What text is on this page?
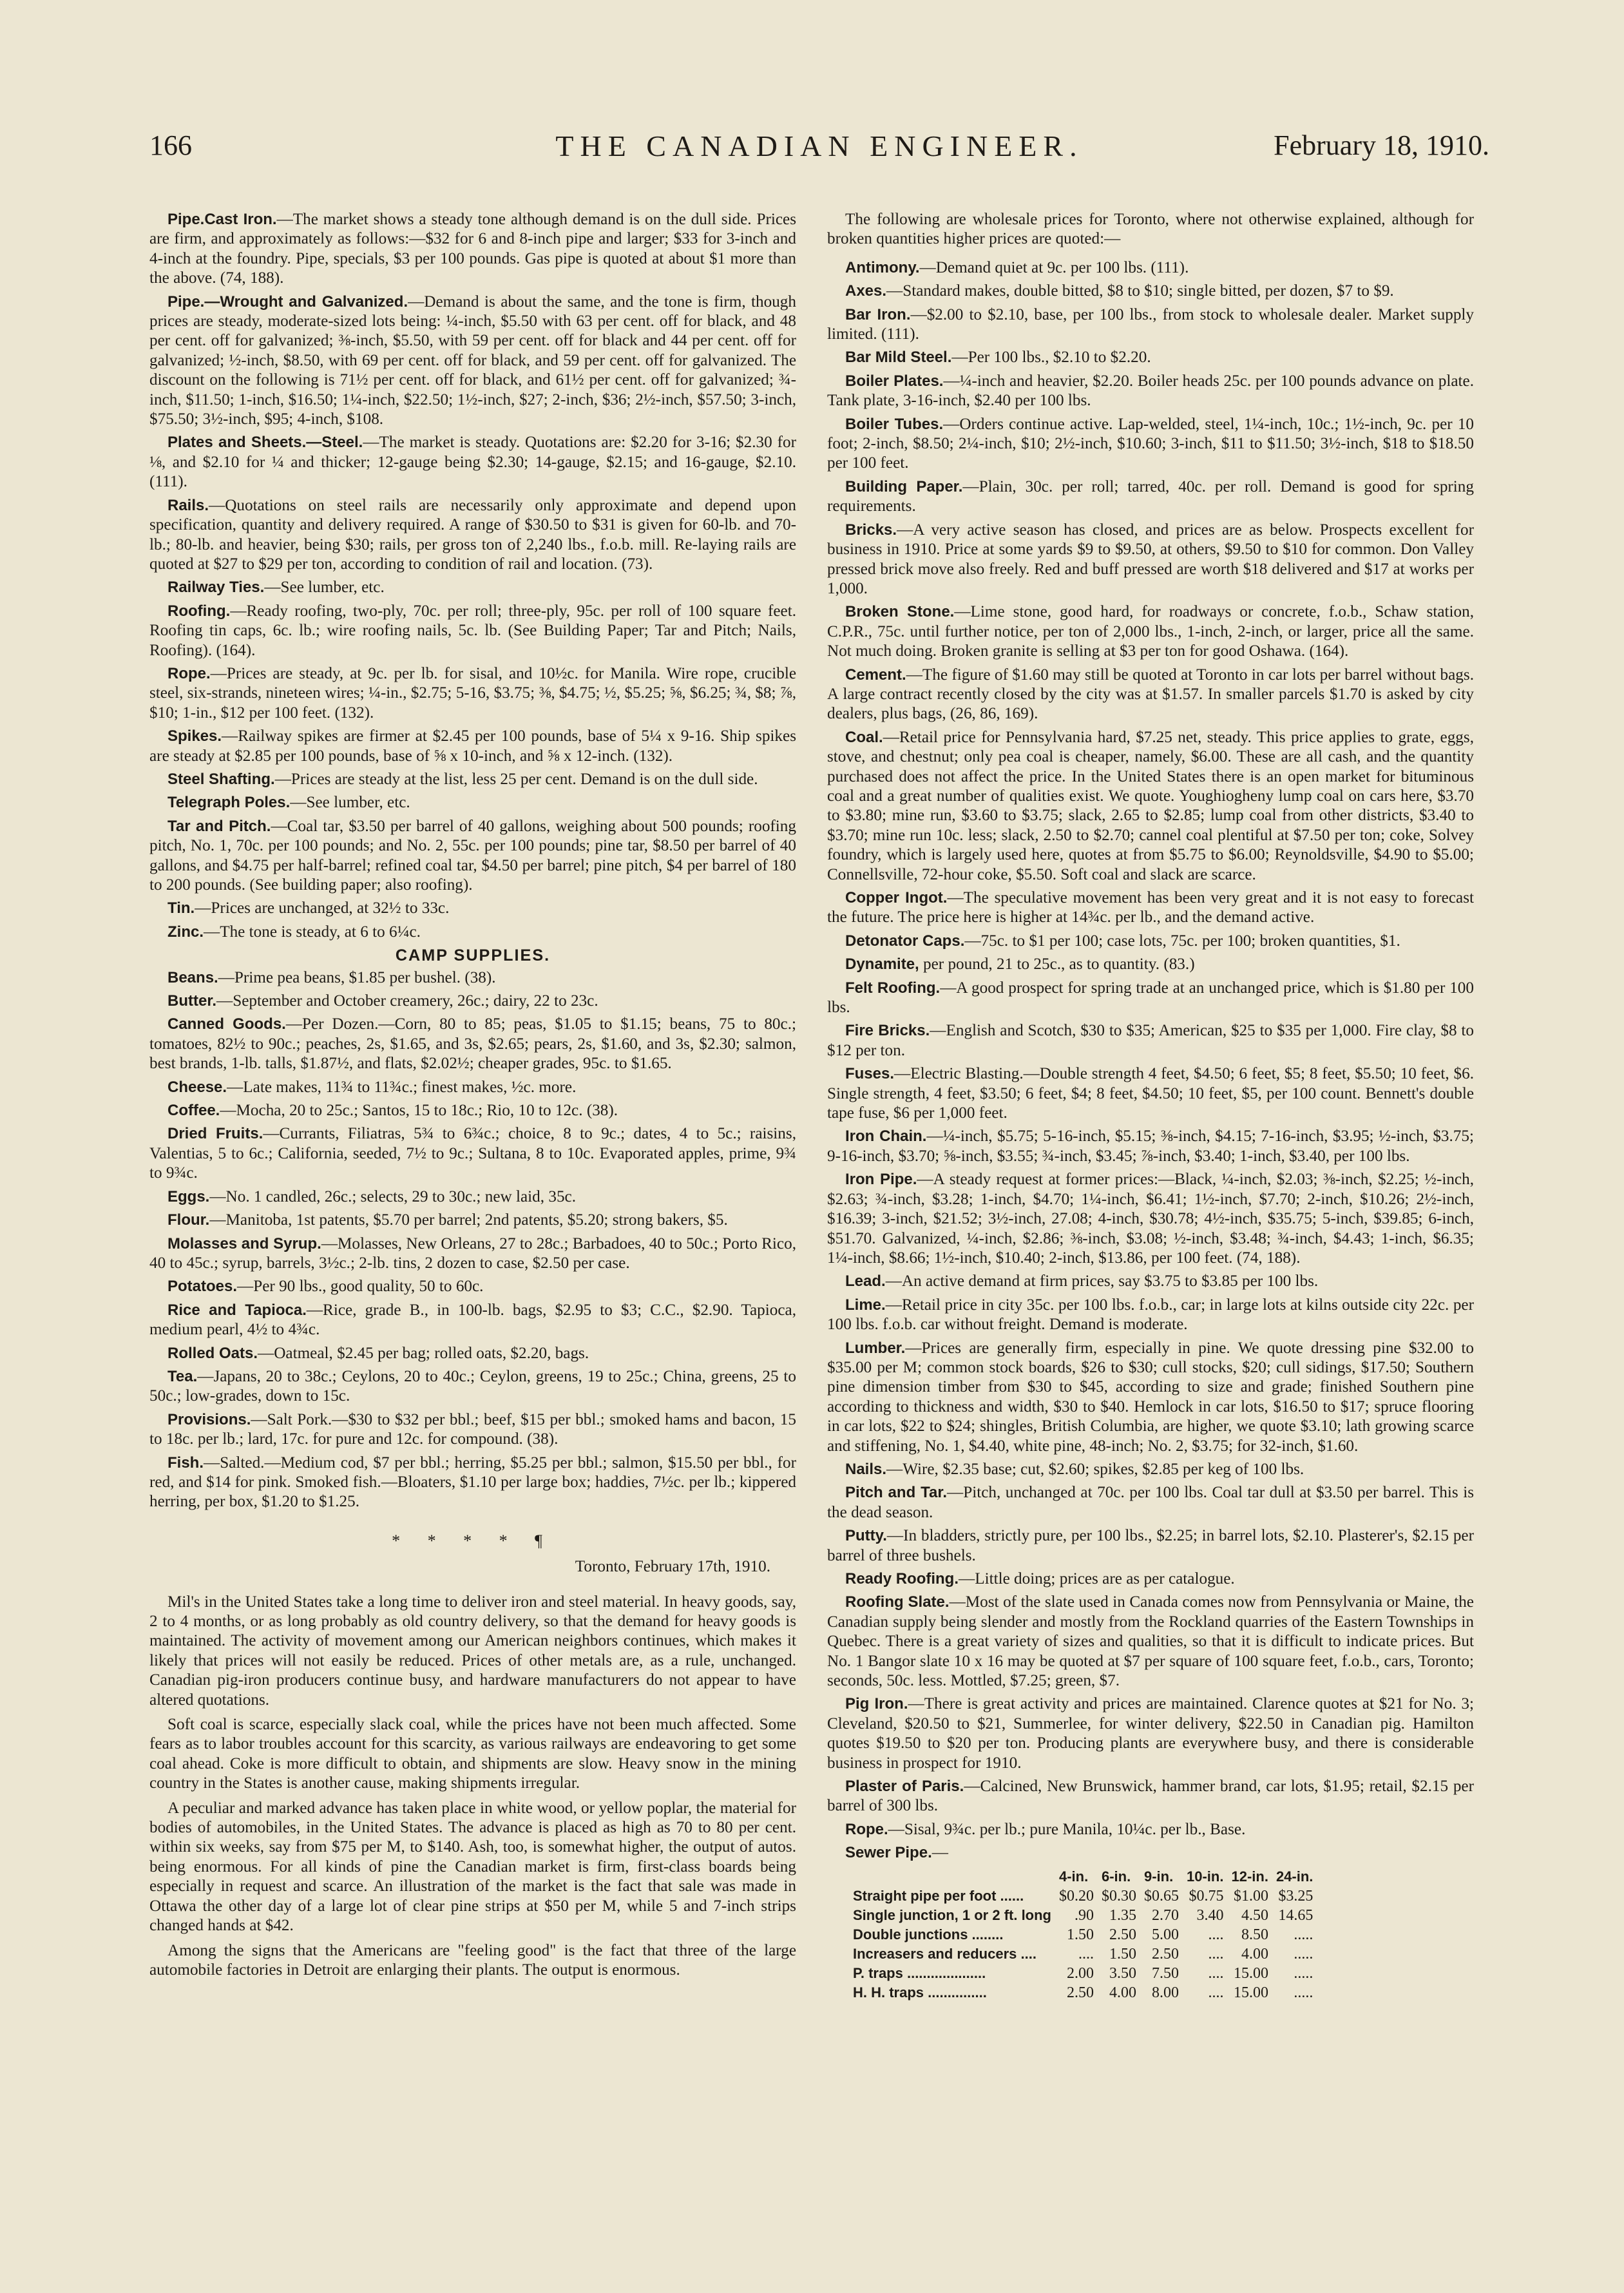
166	THE CANADIAN ENGINEER.	February 18, 1910.

Pipe.Cast Iron.—The market shows a steady tone although demand is on the dull side. Prices are firm, and approximately as follows:—$32 for 6 and 8-inch pipe and larger; $33 for 3-inch and 4-inch at the foundry. Pipe, specials, $3 per 100 pounds. Gas pipe is quoted at about $1 more than the above. (74, 188).

Pipe.—Wrought and Galvanized.—Demand is about the same, and the tone is firm, though prices are steady, moderate-sized lots being: ¼-inch, $5.50 with 63 per cent. off for black, and 48 per cent. off for galvanized; ⅜-inch, $5.50, with 59 per cent. off for black and 44 per cent. off for galvanized; ½-inch, $8.50, with 69 per cent. off for black, and 59 per cent. off for galvanized. The discount on the following is 71½ per cent. off for black, and 61½ per cent. off for galvanized; ¾-inch, $11.50; 1-inch, $16.50; 1¼-inch, $22.50; 1½-inch, $27; 2-inch, $36; 2½-inch, $57.50; 3-inch, $75.50; 3½-inch, $95; 4-inch, $108.

Plates and Sheets.—Steel.—The market is steady. Quotations are: $2.20 for 3-16; $2.30 for ⅛, and $2.10 for ¼ and thicker; 12-gauge being $2.30; 14-gauge, $2.15; and 16-gauge, $2.10. (111).

Rails.—Quotations on steel rails are necessarily only approximate and depend upon specification, quantity and delivery required. A range of $30.50 to $31 is given for 60-lb. and 70-lb.; 80-lb. and heavier, being $30; rails, per gross ton of 2,240 lbs., f.o.b. mill. Re-laying rails are quoted at $27 to $29 per ton, according to condition of rail and location. (73).

Railway Ties.—See lumber, etc.

Roofing.—Ready roofing, two-ply, 70c. per roll; three-ply, 95c. per roll of 100 square feet. Roofing tin caps, 6c. lb.; wire roofing nails, 5c. lb. (See Building Paper; Tar and Pitch; Nails, Roofing). (164).

Rope.—Prices are steady, at 9c. per lb. for sisal, and 10½c. for Manila. Wire rope, crucible steel, six-strands, nineteen wires; ¼-in., $2.75; 5-16, $3.75; ⅜, $4.75; ½, $5.25; ⅝, $6.25; ¾, $8; ⅞, $10; 1-in., $12 per 100 feet. (132).

Spikes.—Railway spikes are firmer at $2.45 per 100 pounds, base of 5¼ x 9-16. Ship spikes are steady at $2.85 per 100 pounds, base of ⅝ x 10-inch, and ⅝ x 12-inch. (132).

Steel Shafting.—Prices are steady at the list, less 25 per cent. Demand is on the dull side.

Telegraph Poles.—See lumber, etc.

Tar and Pitch.—Coal tar, $3.50 per barrel of 40 gallons, weighing about 500 pounds; roofing pitch, No. 1, 70c. per 100 pounds; and No. 2, 55c. per 100 pounds; pine tar, $8.50 per barrel of 40 gallons, and $4.75 per half-barrel; refined coal tar, $4.50 per barrel; pine pitch, $4 per barrel of 180 to 200 pounds. (See building paper; also roofing).

Tin.—Prices are unchanged, at 32½ to 33c.

Zinc.—The tone is steady, at 6 to 6¼c.

CAMP SUPPLIES.

Beans.—Prime pea beans, $1.85 per bushel. (38).

Butter.—September and October creamery, 26c.; dairy, 22 to 23c.

Canned Goods.—Per Dozen.—Corn, 80 to 85; peas, $1.05 to $1.15; beans, 75 to 80c.; tomatoes, 82½ to 90c.; peaches, 2s, $1.65, and 3s, $2.65; pears, 2s, $1.60, and 3s, $2.30; salmon, best brands, 1-lb. talls, $1.87½, and flats, $2.02½; cheaper grades, 95c. to $1.65.

Cheese.—Late makes, 11¾ to 11¾c.; finest makes, ½c. more.

Coffee.—Mocha, 20 to 25c.; Santos, 15 to 18c.; Rio, 10 to 12c. (38).

Dried Fruits.—Currants, Filiatras, 5¾ to 6¾c.; choice, 8 to 9c.; dates, 4 to 5c.; raisins, Valentias, 5 to 6c.; California, seeded, 7½ to 9c.; Sultana, 8 to 10c. Evaporated apples, prime, 9¾ to 9¾c.

Eggs.—No. 1 candled, 26c.; selects, 29 to 30c.; new laid, 35c.

Flour.—Manitoba, 1st patents, $5.70 per barrel; 2nd patents, $5.20; strong bakers, $5.

Molasses and Syrup.—Molasses, New Orleans, 27 to 28c.; Barbadoes, 40 to 50c.; Porto Rico, 40 to 45c.; syrup, barrels, 3½c.; 2-lb. tins, 2 dozen to case, $2.50 per case.

Potatoes.—Per 90 lbs., good quality, 50 to 60c.

Rice and Tapioca.—Rice, grade B., in 100-lb. bags, $2.95 to $3; C.C., $2.90. Tapioca, medium pearl, 4½ to 4¾c.

Rolled Oats.—Oatmeal, $2.45 per bag; rolled oats, $2.20, bags.

Tea.—Japans, 20 to 38c.; Ceylons, 20 to 40c.; Ceylon, greens, 19 to 25c.; China, greens, 25 to 50c.; low-grades, down to 15c.

Provisions.—Salt Pork.—$30 to $32 per bbl.; beef, $15 per bbl.; smoked hams and bacon, 15 to 18c. per lb.; lard, 17c. for pure and 12c. for compound. (38).

Fish.—Salted.—Medium cod, $7 per bbl.; herring, $5.25 per bbl.; salmon, $15.50 per bbl., for red, and $14 for pink. Smoked fish.—Bloaters, $1.10 per large box; haddies, 7½c. per lb.; kippered herring, per box, $1.20 to $1.25.

* * * * ¶
Toronto, February 17th, 1910.

Mil's in the United States take a long time to deliver iron and steel material. In heavy goods, say, 2 to 4 months, or as long probably as old country delivery, so that the demand for heavy goods is maintained. The activity of movement among our American neighbors continues, which makes it likely that prices will not easily be reduced. Prices of other metals are, as a rule, unchanged. Canadian pig-iron producers continue busy, and hardware manufacturers do not appear to have altered quotations.

Soft coal is scarce, especially slack coal, while the prices have not been much affected. Some fears as to labor troubles account for this scarcity, as various railways are endeavoring to get some coal ahead. Coke is more difficult to obtain, and shipments are slow. Heavy snow in the mining country in the States is another cause, making shipments irregular.

A peculiar and marked advance has taken place in white wood, or yellow poplar, the material for bodies of automobiles, in the United States. The advance is placed as high as 70 to 80 per cent. within six weeks, say from $75 per M, to $140. Ash, too, is somewhat higher, the output of autos. being enormous. For all kinds of pine the Canadian market is firm, first-class boards being especially in request and scarce. An illustration of the market is the fact that sale was made in Ottawa the other day of a large lot of clear pine strips at $50 per M, while 5 and 7-inch strips changed hands at $42.

Among the signs that the Americans are "feeling good" is the fact that three of the large automobile factories in Detroit are enlarging their plants. The output is enormous.

The following are wholesale prices for Toronto, where not otherwise explained, although for broken quantities higher prices are quoted:—

Antimony.—Demand quiet at 9c. per 100 lbs. (111).

Axes.—Standard makes, double bitted, $8 to $10; single bitted, per dozen, $7 to $9.

Bar Iron.—$2.00 to $2.10, base, per 100 lbs., from stock to wholesale dealer. Market supply limited. (111).

Bar Mild Steel.—Per 100 lbs., $2.10 to $2.20.

Boiler Plates.—¼-inch and heavier, $2.20. Boiler heads 25c. per 100 pounds advance on plate. Tank plate, 3-16-inch, $2.40 per 100 lbs.

Boiler Tubes.—Orders continue active. Lap-welded, steel, 1¼-inch, 10c.; 1½-inch, 9c. per 10 foot; 2-inch, $8.50; 2¼-inch, $10; 2½-inch, $10.60; 3-inch, $11 to $11.50; 3½-inch, $18 to $18.50 per 100 feet.

Building Paper.—Plain, 30c. per roll; tarred, 40c. per roll. Demand is good for spring requirements.

Bricks.—A very active season has closed, and prices are as below. Prospects excellent for business in 1910. Price at some yards $9 to $9.50, at others, $9.50 to $10 for common. Don Valley pressed brick move also freely. Red and buff pressed are worth $18 delivered and $17 at works per 1,000.

Broken Stone.—Lime stone, good hard, for roadways or concrete, f.o.b., Schaw station, C.P.R., 75c. until further notice, per ton of 2,000 lbs., 1-inch, 2-inch, or larger, price all the same. Not much doing. Broken granite is selling at $3 per ton for good Oshawa. (164).

Cement.—The figure of $1.60 may still be quoted at Toronto in car lots per barrel without bags. A large contract recently closed by the city was at $1.57. In smaller parcels $1.70 is asked by city dealers, plus bags, (26, 86, 169).

Coal.—Retail price for Pennsylvania hard, $7.25 net, steady. This price applies to grate, eggs, stove, and chestnut; only pea coal is cheaper, namely, $6.00. These are all cash, and the quantity purchased does not affect the price. In the United States there is an open market for bituminous coal and a great number of qualities exist. We quote. Youghiogheny lump coal on cars here, $3.70 to $3.80; mine run, $3.60 to $3.75; slack, 2.65 to $2.85; lump coal from other districts, $3.40 to $3.70; mine run 10c. less; slack, 2.50 to $2.70; cannel coal plentiful at $7.50 per ton; coke, Solvey foundry, which is largely used here, quotes at from $5.75 to $6.00; Reynoldsville, $4.90 to $5.00; Connellsville, 72-hour coke, $5.50. Soft coal and slack are scarce.

Copper Ingot.—The speculative movement has been very great and it is not easy to forecast the future. The price here is higher at 14¾c. per lb., and the demand active.

Detonator Caps.—75c. to $1 per 100; case lots, 75c. per 100; broken quantities, $1.

Dynamite, per pound, 21 to 25c., as to quantity. (83.)

Felt Roofing.—A good prospect for spring trade at an unchanged price, which is $1.80 per 100 lbs.

Fire Bricks.—English and Scotch, $30 to $35; American, $25 to $35 per 1,000. Fire clay, $8 to $12 per ton.

Fuses.—Electric Blasting.—Double strength 4 feet, $4.50; 6 feet, $5; 8 feet, $5.50; 10 feet, $6. Single strength, 4 feet, $3.50; 6 feet, $4; 8 feet, $4.50; 10 feet, $5, per 100 count. Bennett's double tape fuse, $6 per 1,000 feet.

Iron Chain.—¼-inch, $5.75; 5-16-inch, $5.15; ⅜-inch, $4.15; 7-16-inch, $3.95; ½-inch, $3.75; 9-16-inch, $3.70; ⅝-inch, $3.55; ¾-inch, $3.45; ⅞-inch, $3.40; 1-inch, $3.40, per 100 lbs.

Iron Pipe.—A steady request at former prices:—Black, ¼-inch, $2.03; ⅜-inch, $2.25; ½-inch, $2.63; ¾-inch, $3.28; 1-inch, $4.70; 1¼-inch, $6.41; 1½-inch, $7.70; 2-inch, $10.26; 2½-inch, $16.39; 3-inch, $21.52; 3½-inch, 27.08; 4-inch, $30.78; 4½-inch, $35.75; 5-inch, $39.85; 6-inch, $51.70. Galvanized, ¼-inch, $2.86; ⅜-inch, $3.08; ½-inch, $3.48; ¾-inch, $4.43; 1-inch, $6.35; 1¼-inch, $8.66; 1½-inch, $10.40; 2-inch, $13.86, per 100 feet. (74, 188).

Lead.—An active demand at firm prices, say $3.75 to $3.85 per 100 lbs.

Lime.—Retail price in city 35c. per 100 lbs. f.o.b., car; in large lots at kilns outside city 22c. per 100 lbs. f.o.b. car without freight. Demand is moderate.

Lumber.—Prices are generally firm, especially in pine. We quote dressing pine $32.00 to $35.00 per M; common stock boards, $26 to $30; cull stocks, $20; cull sidings, $17.50; Southern pine dimension timber from $30 to $45, according to size and grade; finished Southern pine according to thickness and width, $30 to $40. Hemlock in car lots, $16.50 to $17; spruce flooring in car lots, $22 to $24; shingles, British Columbia, are higher, we quote $3.10; lath growing scarce and stiffening, No. 1, $4.40, white pine, 48-inch; No. 2, $3.75; for 32-inch, $1.60.

Nails.—Wire, $2.35 base; cut, $2.60; spikes, $2.85 per keg of 100 lbs.

Pitch and Tar.—Pitch, unchanged at 70c. per 100 lbs. Coal tar dull at $3.50 per barrel. This is the dead season.

Putty.—In bladders, strictly pure, per 100 lbs., $2.25; in barrel lots, $2.10. Plasterer's, $2.15 per barrel of three bushels.

Ready Roofing.—Little doing; prices are as per catalogue.

Roofing Slate.—Most of the slate used in Canada comes now from Pennsylvania or Maine, the Canadian supply being slender and mostly from the Rockland quarries of the Eastern Townships in Quebec. There is a great variety of sizes and qualities, so that it is difficult to indicate prices. But No. 1 Bangor slate 10 x 16 may be quoted at $7 per square of 100 square feet, f.o.b., cars, Toronto; seconds, 50c. less. Mottled, $7.25; green, $7.

Pig Iron.—There is great activity and prices are maintained. Clarence quotes at $21 for No. 3; Cleveland, $20.50 to $21, Summerlee, for winter delivery, $22.50 in Canadian pig. Hamilton quotes $19.50 to $20 per ton. Producing plants are everywhere busy, and there is considerable business in prospect for 1910.

Plaster of Paris.—Calcined, New Brunswick, hammer brand, car lots, $1.95; retail, $2.15 per barrel of 300 lbs.

Rope.—Sisal, 9¾c. per lb.; pure Manila, 10¼c. per lb., Base.

Sewer Pipe.—

	4-in.	6-in.	9-in.	10-in.	12-in.	24-in.
Straight pipe per foot ......	$0.20	$0.30	$0.65	$0.75	$1.00	$3.25
Single junction, 1 or 2 ft. long	.90	1.35	2.70	3.40	4.50	14.65
Double junctions ........	1.50	2.50	5.00	....	8.50	.....
Increasers and reducers ....	....	1.50	2.50	....	4.00	.....
P. traps ....................	2.00	3.50	7.50	....	15.00	.....
H. H. traps ...............	2.50	4.00	8.00	....	15.00	.....
